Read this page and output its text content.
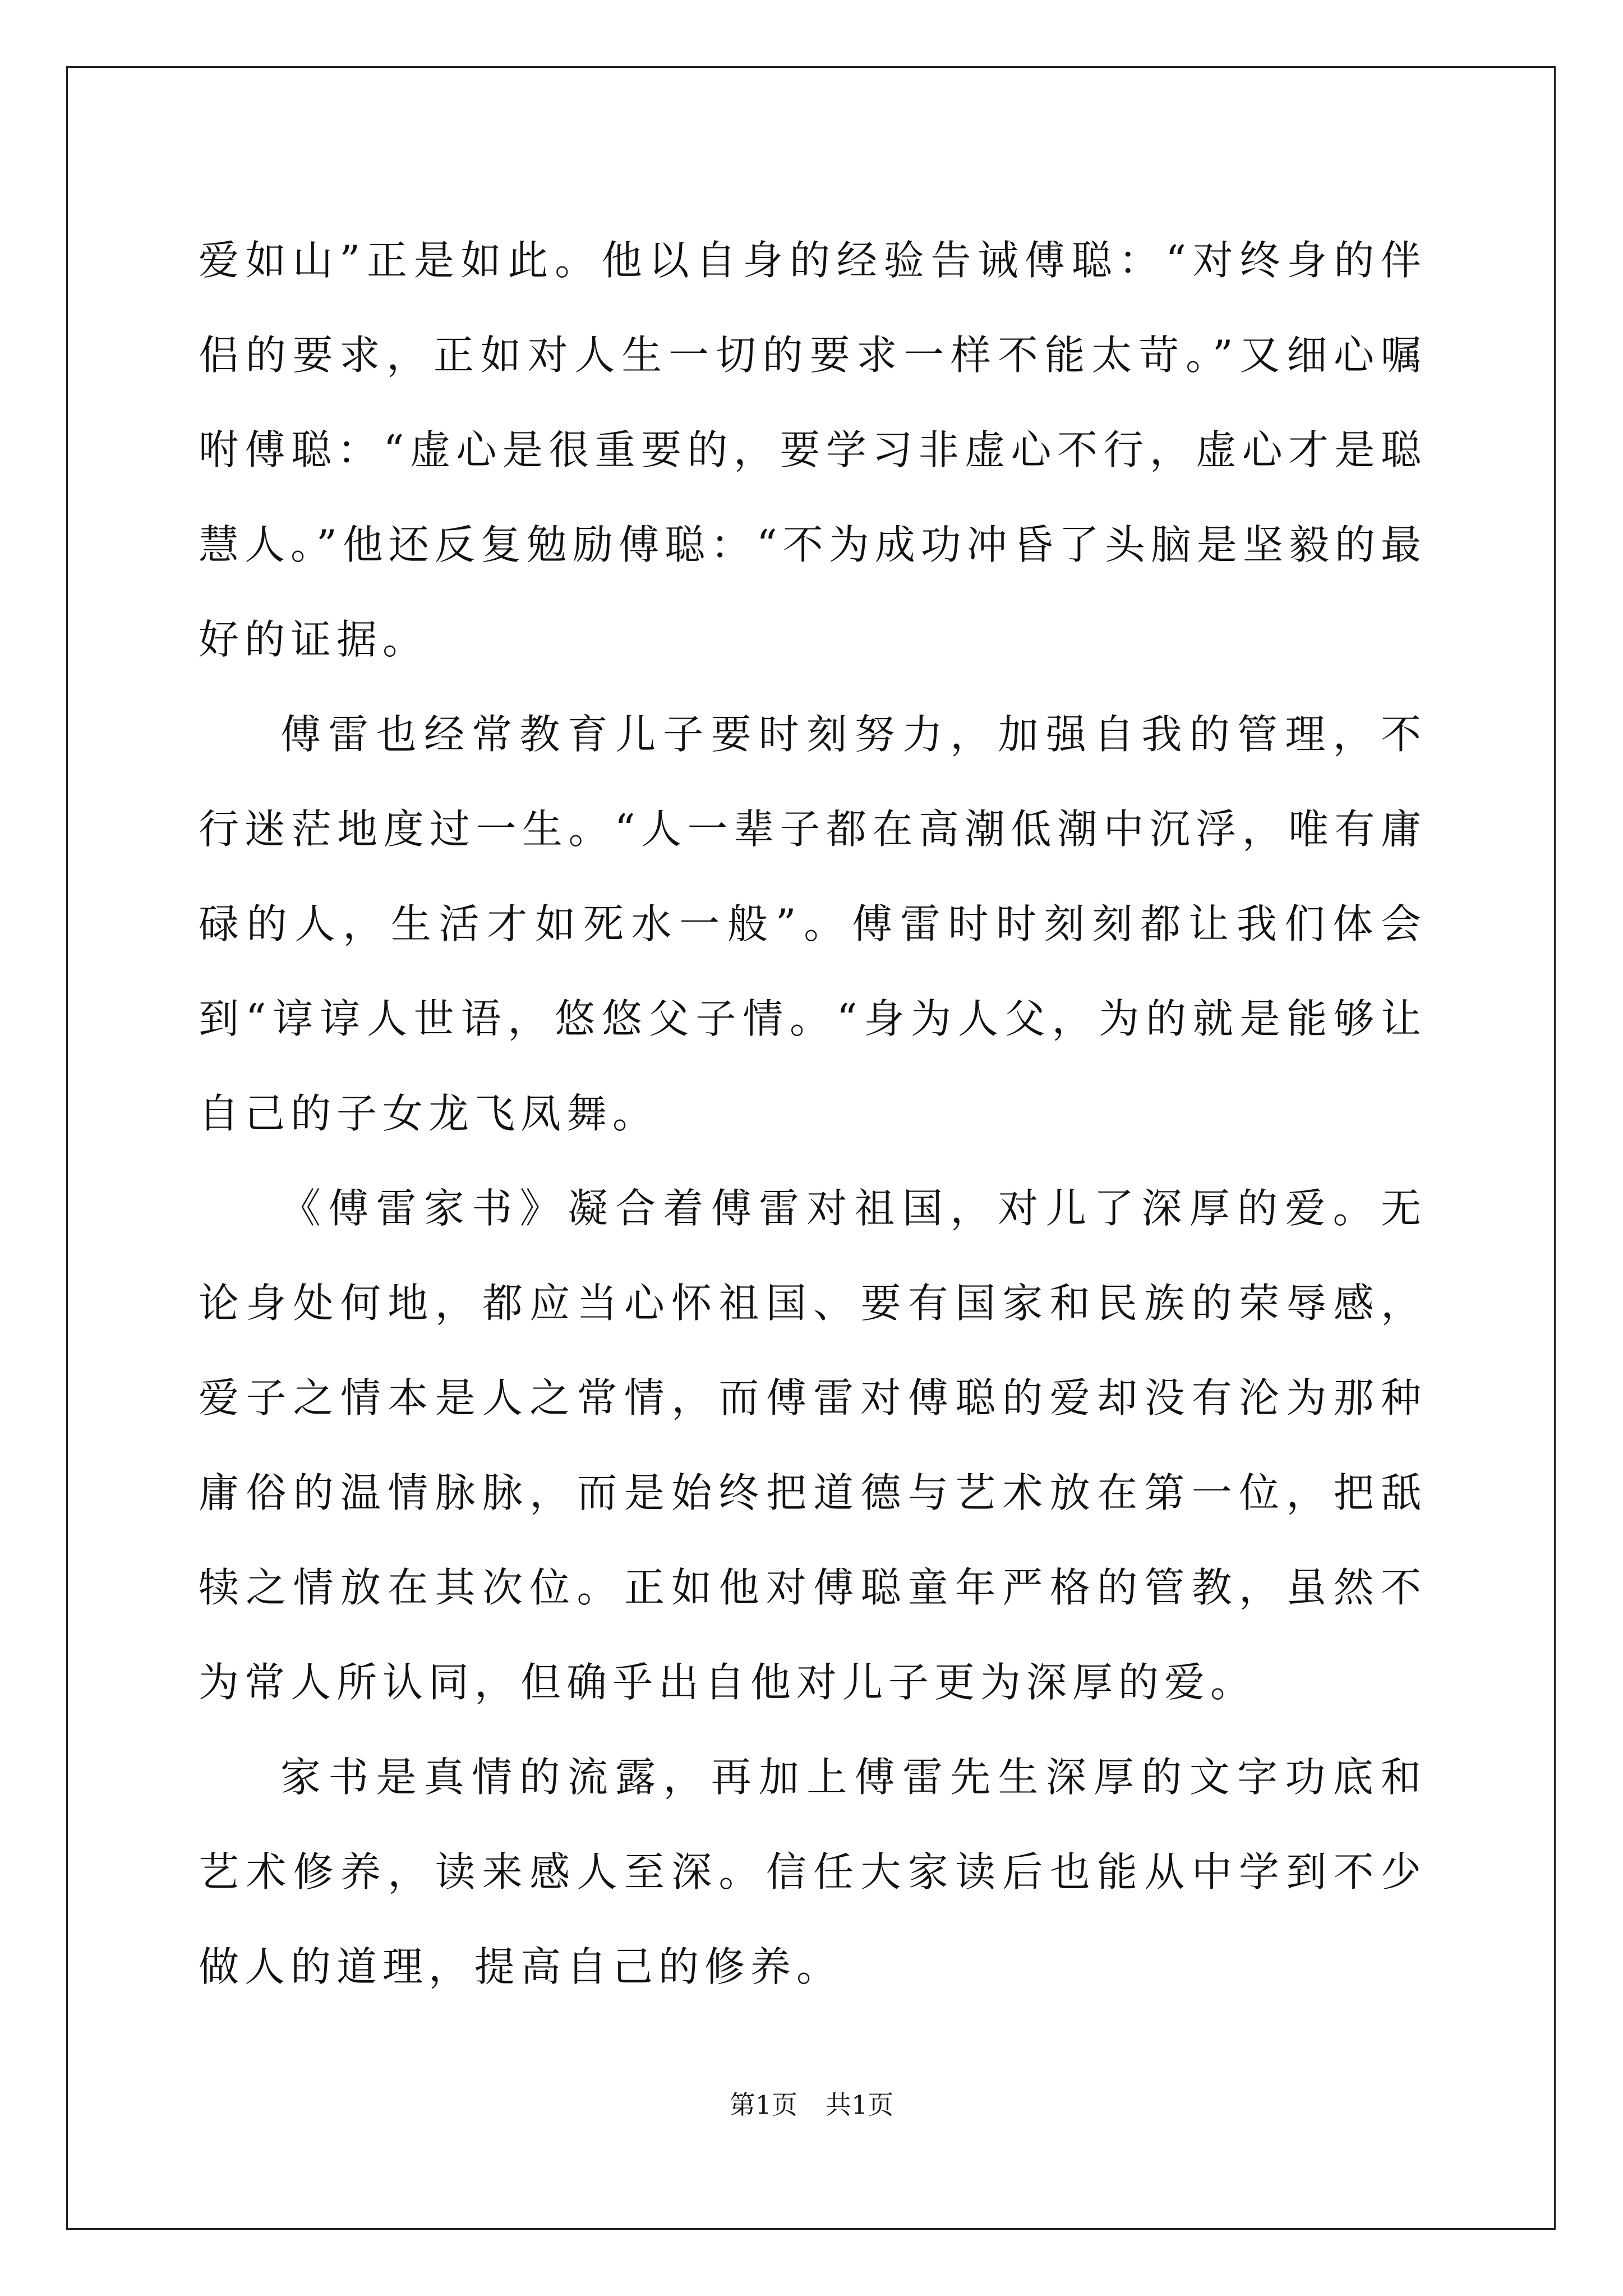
爱如山”正是如此。他以自身的经验告诫傅聪：“对终身的伴侣的要求，正如对人生一切的要求一样不能太苛。”又细心嘱咐傅聪：“虚心是很重要的，要学习非虚心不行，虚心才是聪慧人。”他还反复勉励傅聪：“不为成功冲昏了头脑是坚毅的最好的证据。

傅雷也经常教育儿子要时刻努力，加强自我的管理，不行迷茫地度过一生。“人一辈子都在高潮低潮中沉浮，唯有庸碌的人，生活才如死水一般”。傅雷时时刻刻都让我们体会到“谆谆人世语，悠悠父子情。“身为人父，为的就是能够让自己的子女龙飞凤舞。

《傅雷家书》凝合着傅雷对祖国，对儿了深厚的爱。无论身处何地，都应当心怀祖国、要有国家和民族的荣辱感，爱子之情本是人之常情，而傅雷对傅聪的爱却没有沦为那种庸俗的温情脉脉，而是始终把道德与艺术放在第一位，把舐犊之情放在其次位。正如他对傅聪童年严格的管教，虽然不为常人所认同，但确乎出自他对儿子更为深厚的爱。

家书是真情的流露，再加上傅雷先生深厚的文字功底和艺术修养，读来感人至深。信任大家读后也能从中学到不少做人的道理，提高自己的修养。

第1页 共1页
